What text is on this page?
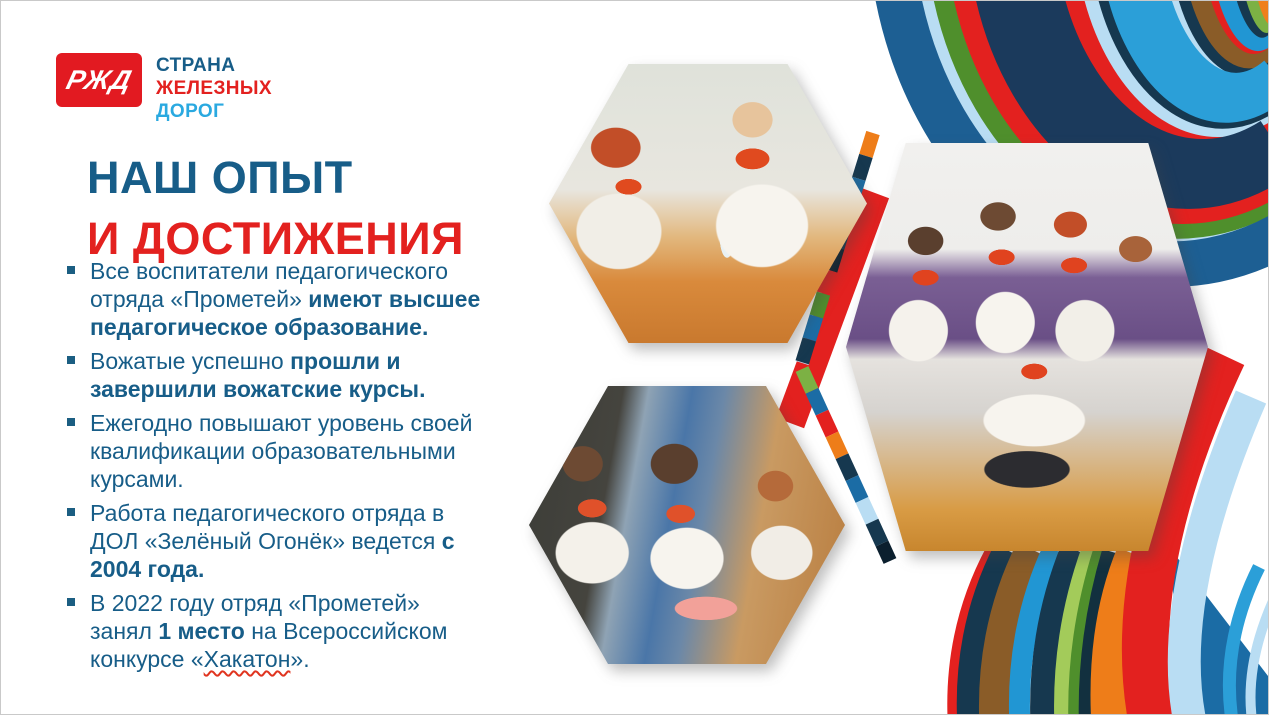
РЖД СТРАНА
ЖЕЛЕЗНЫХ
ДОРОГ
НАШ ОПЫТ
И ДОСТИЖЕНИЯ
Все воспитатели педагогического
отряда «Прометей» имеют высшее
педагогическое образование.
Вожатые успешно прошли и
завершили вожатские курсы.
Ежегодно повышают уровень своей
квалификации образовательными
курсами.
Работа педагогического отряда в
ДОЛ «Зелёный Огонёк» ведется с
2004 года.
В 2022 году отряд «Прометей»
занял 1 место на Всероссийском
конкурсе «Хакатон».
